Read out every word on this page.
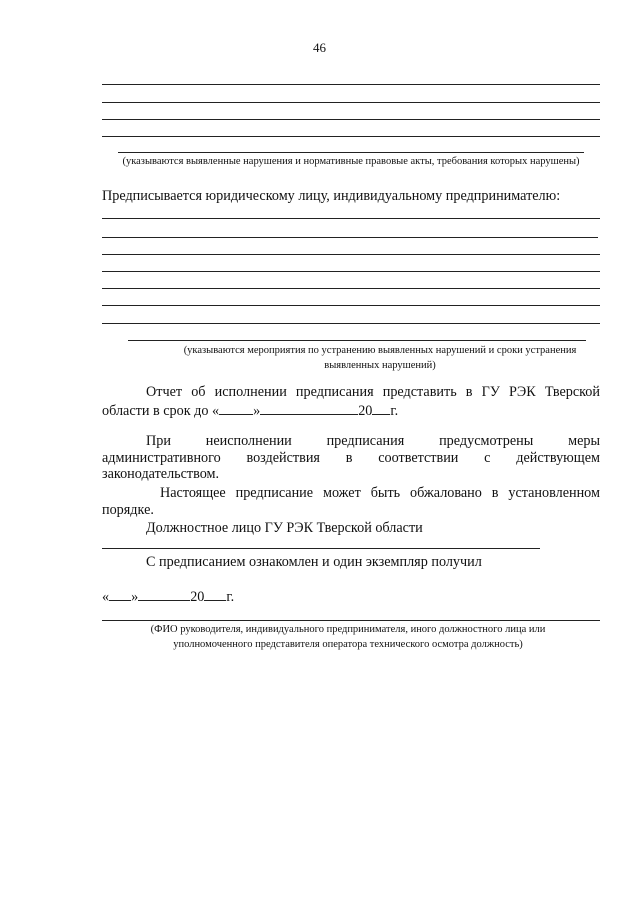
46
(указываются выявленные нарушения и нормативные правовые акты, требования которых нарушены)
Предписывается юридическому лицу, индивидуальному предпринимателю:
(указываются мероприятия по устранению выявленных нарушений и сроки устранения
выявленных нарушений)
Отчет об исполнении предписания представить в ГУ РЭК Тверской
области в срок до « »	20 г.
При неисполнении предписания предусмотрены меры
административного воздействия в соответствии с действующем
законодательством.
Настоящее предписание может быть обжаловано в установленном
порядке.
Должностное лицо ГУ РЭК Тверской области
С предписанием ознакомлен и один экземпляр получил
« »	20 г.
(ФИО руководителя, индивидуального предпринимателя, иного должностного лица или
уполномоченного представителя оператора технического осмотра должность)
